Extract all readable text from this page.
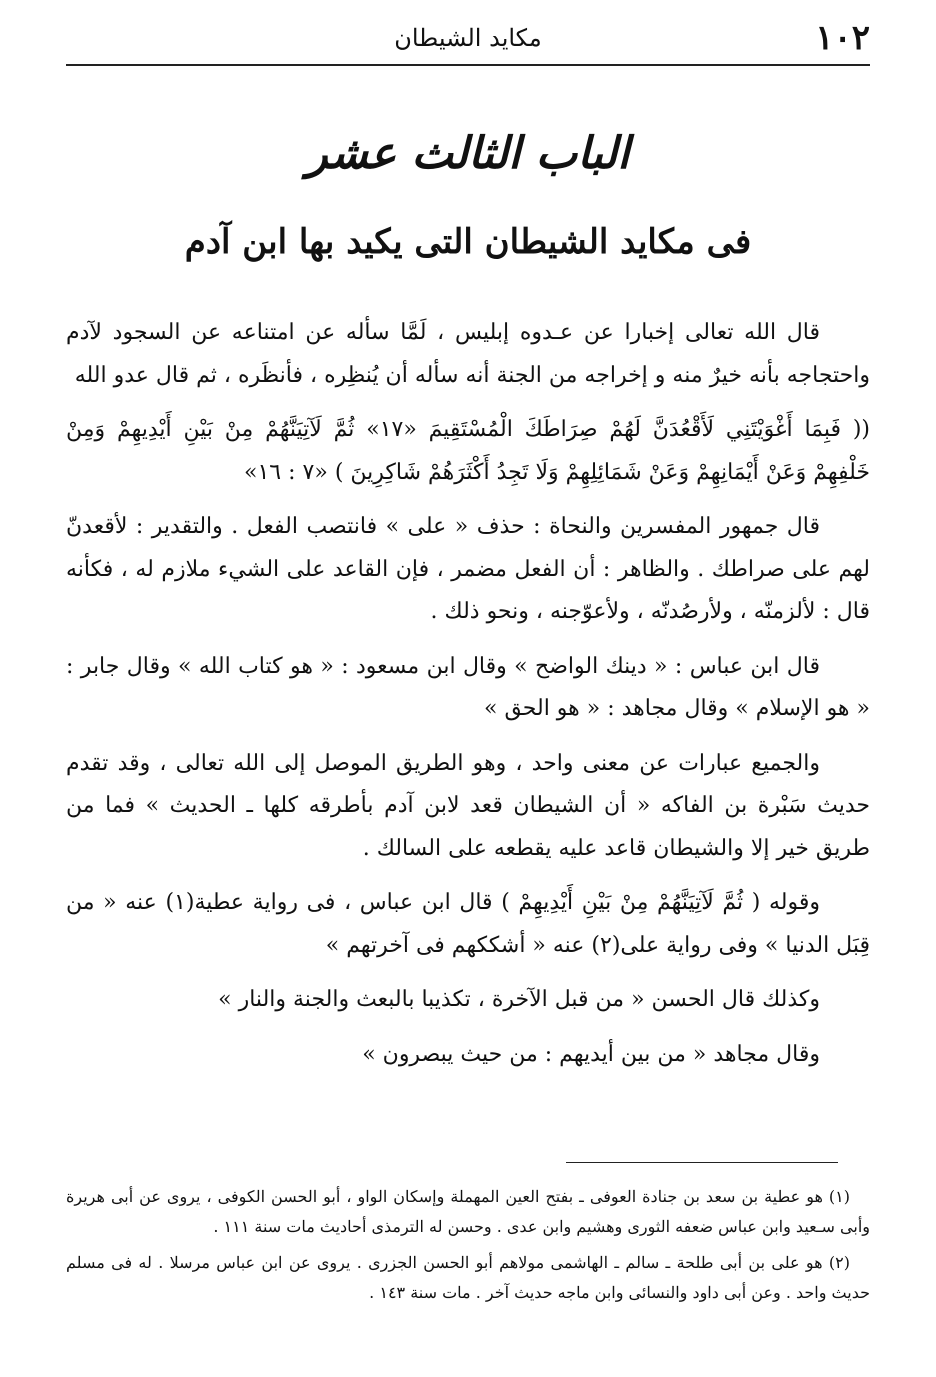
١٠٢
مكايد الشيطان
الباب الثالث عشر
فى مكايد الشيطان التى يكيد بها ابن آدم

قال الله تعالى إخبارا عن عـدوه إبليس ، لَمَّا سأله عن امتناعه عن السجود لآدم واحتجاجه بأنه خيرٌ منه و إخراجه من الجنة أنه سأله أن يُنظِره ، فأنظَره ، ثم قال عدو الله

(( فَبِمَا أَغْوَيْتَنِي لَأَقْعُدَنَّ لَهُمْ صِرَاطَكَ الْمُسْتَقِيمَ «١٧» ثُمَّ لَآتِيَنَّهُمْ مِنْ بَيْنِ أَيْدِيهِمْ وَمِنْ خَلْفِهِمْ وَعَنْ أَيْمَانِهِمْ وَعَنْ شَمَائِلِهِمْ وَلَا تَجِدُ أَكْثَرَهُمْ شَاكِرِينَ ) «٧ : ١٦»

قال جمهور المفسرين والنحاة : حذف « على » فانتصب الفعل . والتقدير : لأقعدنّ لهم على صراطك . والظاهر : أن الفعل مضمر ، فإن القاعد على الشيء ملازم له ، فكأنه قال : لألزمنّه ، ولأرصُدنّه ، ولأعوّجنه ، ونحو ذلك .

قال ابن عباس : « دينك الواضح » وقال ابن مسعود : « هو كتاب الله » وقال جابر : « هو الإسلام » وقال مجاهد : « هو الحق »

والجميع عبارات عن معنى واحد ، وهو الطريق الموصل إلى الله تعالى ، وقد تقدم حديث سَبْرة بن الفاكه « أن الشيطان قعد لابن آدم بأطرقه كلها ـ الحديث » فما من طريق خير إلا والشيطان قاعد عليه يقطعه على السالك .

وقوله ( ثُمَّ لَآتِيَنَّهُمْ مِنْ بَيْنِ أَيْدِيهِمْ ) قال ابن عباس ، فى رواية عطية(١) عنه « من قِبَل الدنيا » وفى رواية على(٢) عنه « أشككهم فى آخرتهم »

وكذلك قال الحسن « من قبل الآخرة ، تكذيبا بالبعث والجنة والنار »

وقال مجاهد « من بين أيديهم : من حيث يبصرون »

(١) هو عطية بن سعد بن جنادة العوفى ـ بفتح العين المهملة وإسكان الواو ، أبو الحسن الكوفى ، يروى عن أبى هريرة وأبى سـعيد وابن عباس ضعفه الثورى وهشيم وابن عدى . وحسن له الترمذى أحاديث مات سنة ١١١ .

(٢) هو على بن أبى طلحة ـ سالم ـ الهاشمى مولاهم أبو الحسن الجزرى . يروى عن ابن عباس مرسلا . له فى مسلم حديث واحد . وعن أبى داود والنسائى وابن ماجه حديث آخر . مات سنة ١٤٣ .
